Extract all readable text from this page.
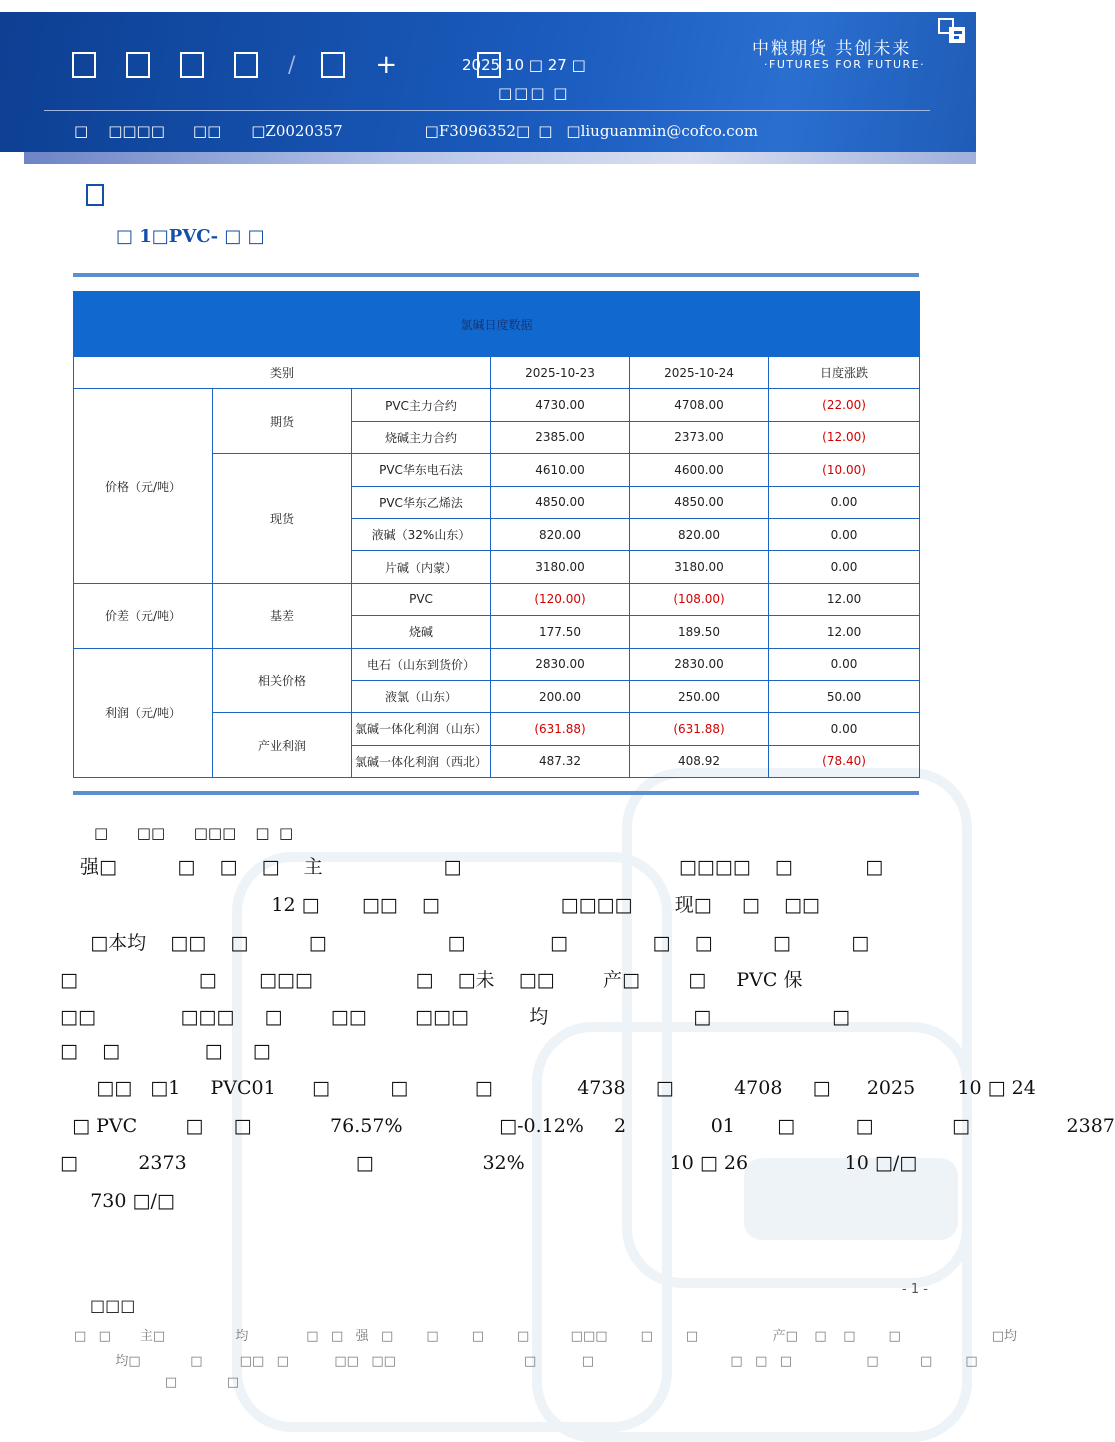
/	+	2025 10 □ 27 □
□□□ □
中粮期货 共创未来
·FUTURES FOR FUTURE·
□ □□□□ □□ □Z0020357	□F3096352□ □ □liuguanmin@cofco.com
□ 1□PVC- □ □
氯碱日度数据					
类别			2025-10-23	2025-10-24	日度涨跌
价格（元/吨）	期货	PVC主力合约	4730.00	4708.00	(22.00)
		烧碱主力合约	2385.00	2373.00	(12.00)
	现货	PVC华东电石法	4610.00	4600.00	(10.00)
		PVC华东乙烯法	4850.00	4850.00	0.00
		液碱（32%山东）	820.00	820.00	0.00
		片碱（内蒙）	3180.00	3180.00	0.00
价差（元/吨）	基差	PVC	(120.00)	(108.00)	12.00
		烧碱	177.50	189.50	12.00
利润（元/吨）	相关价格	电石（山东到货价）	2830.00	2830.00	0.00
		液氯（山东）	200.00	250.00	50.00
	产业利润	氯碱一体化利润（山东）	(631.88)	(631.88)	0.00
		氯碱一体化利润（西北）	487.32	408.92	(78.40)
□      □□      □□□    □  □
强□          □    □    □    主                    □                                    □□□□    □            □
12 □       □□    □                    □□□□       现□     □    □□
□本均    □□    □          □                    □              □              □    □          □          □
□                    □       □□□                 □    □未    □□        产□        □     PVC 保
□□              □□□     □        □□        □□□          均                        □                    □
□    □              □     □
□□   □1     PVC01      □          □           □              4738     □          4708     □      2025       10 □ 24
□ PVC        □     □             76.57%                □-0.12%     2              01       □          □             □                2387
□          2373                            □                  32%                        10 □ 26                10 □/□
730 □/□
- 1 -
□□□
□   □       主□                 均              □   □   强   □        □        □        □          □□□        □        □                  产□    □    □        □                      □均
均□            □         □□   □           □□   □□                               □           □                                 □   □   □                  □          □        □
□            □
